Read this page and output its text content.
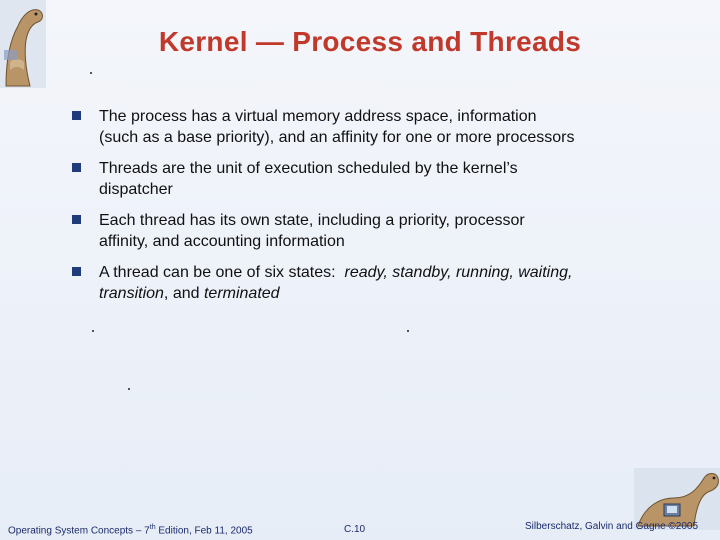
Kernel — Process and Threads
The process has a virtual memory address space, information
(such as a base priority), and an affinity for one or more processors
Threads are the unit of execution scheduled by the kernel’s
dispatcher
Each thread has its own state, including a priority, processor
affinity, and accounting information
A thread can be one of six states: ready, standby, running, waiting,
transition, and terminated
Operating System Concepts – 7th Edition, Feb 11, 2005	C.10	Silberschatz, Galvin and Gagne ©2005
